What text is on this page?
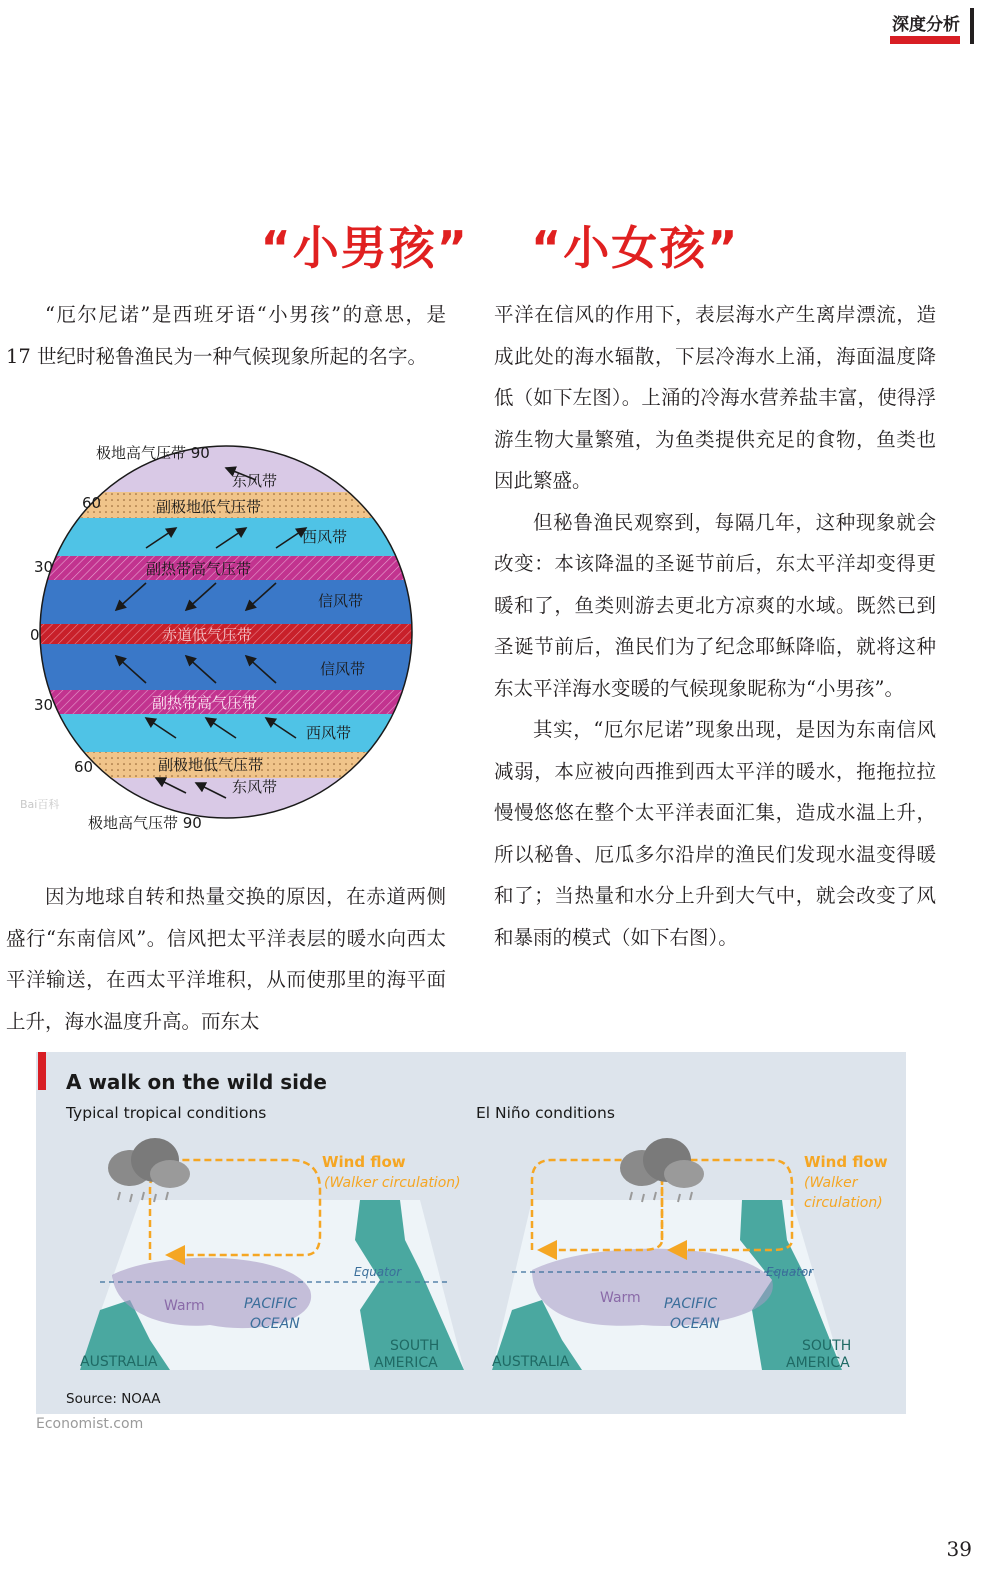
深度分析
“小男孩” “小女孩”

“厄尔尼诺”是西班牙语“小男孩”的意思，是 17 世纪时秘鲁渔民为一种气候现象所起的名字。

极地高气压带 90
极地高气压带 90
60
30
0
30
60
东风带
副极地低气压带
西风带
副热带高气压带
信风带
赤道低气压带
信风带
副热带高气压带
西风带
副极地低气压带
东风带
Bai百科

因为地球自转和热量交换的原因，在赤道两侧盛行“东南信风”。信风把太平洋表层的暖水向西太平洋输送，在西太平洋堆积，从而使那里的海平面上升，海水温度升高。而东太

平洋在信风的作用下，表层海水产生离岸漂流，造成此处的海水辐散，下层冷海水上涌，海面温度降低（如下左图）。上涌的冷海水营养盐丰富，使得浮游生物大量繁殖，为鱼类提供充足的食物，鱼类也因此繁盛。

但秘鲁渔民观察到，每隔几年，这种现象就会改变：本该降温的圣诞节前后，东太平洋却变得更暖和了，鱼类则游去更北方凉爽的水域。既然已到圣诞节前后，渔民们为了纪念耶稣降临，就将这种东太平洋海水变暖的气候现象昵称为“小男孩”。

其实，“厄尔尼诺”现象出现，是因为东南信风减弱，本应被向西推到西太平洋的暖水，拖拖拉拉慢慢悠悠在整个太平洋表面汇集，造成水温上升，所以秘鲁、厄瓜多尔沿岸的渔民们发现水温变得暖和了；当热量和水分上升到大气中，就会改变了风和暴雨的模式（如下右图）。

A walk on the wild side
Typical tropical conditions	El Niño conditions
Wind flow
(Walker circulation)
Equator
Warm	PACIFIC
OCEAN
SOUTH
AMERICA
AUSTRALIA
Wind flow
(Walker
circulation)
Equator
Warm PACIFIC
OCEAN
SOUTH
AMERICA
AUSTRALIA
Source: NOAA
Economist.com
39
